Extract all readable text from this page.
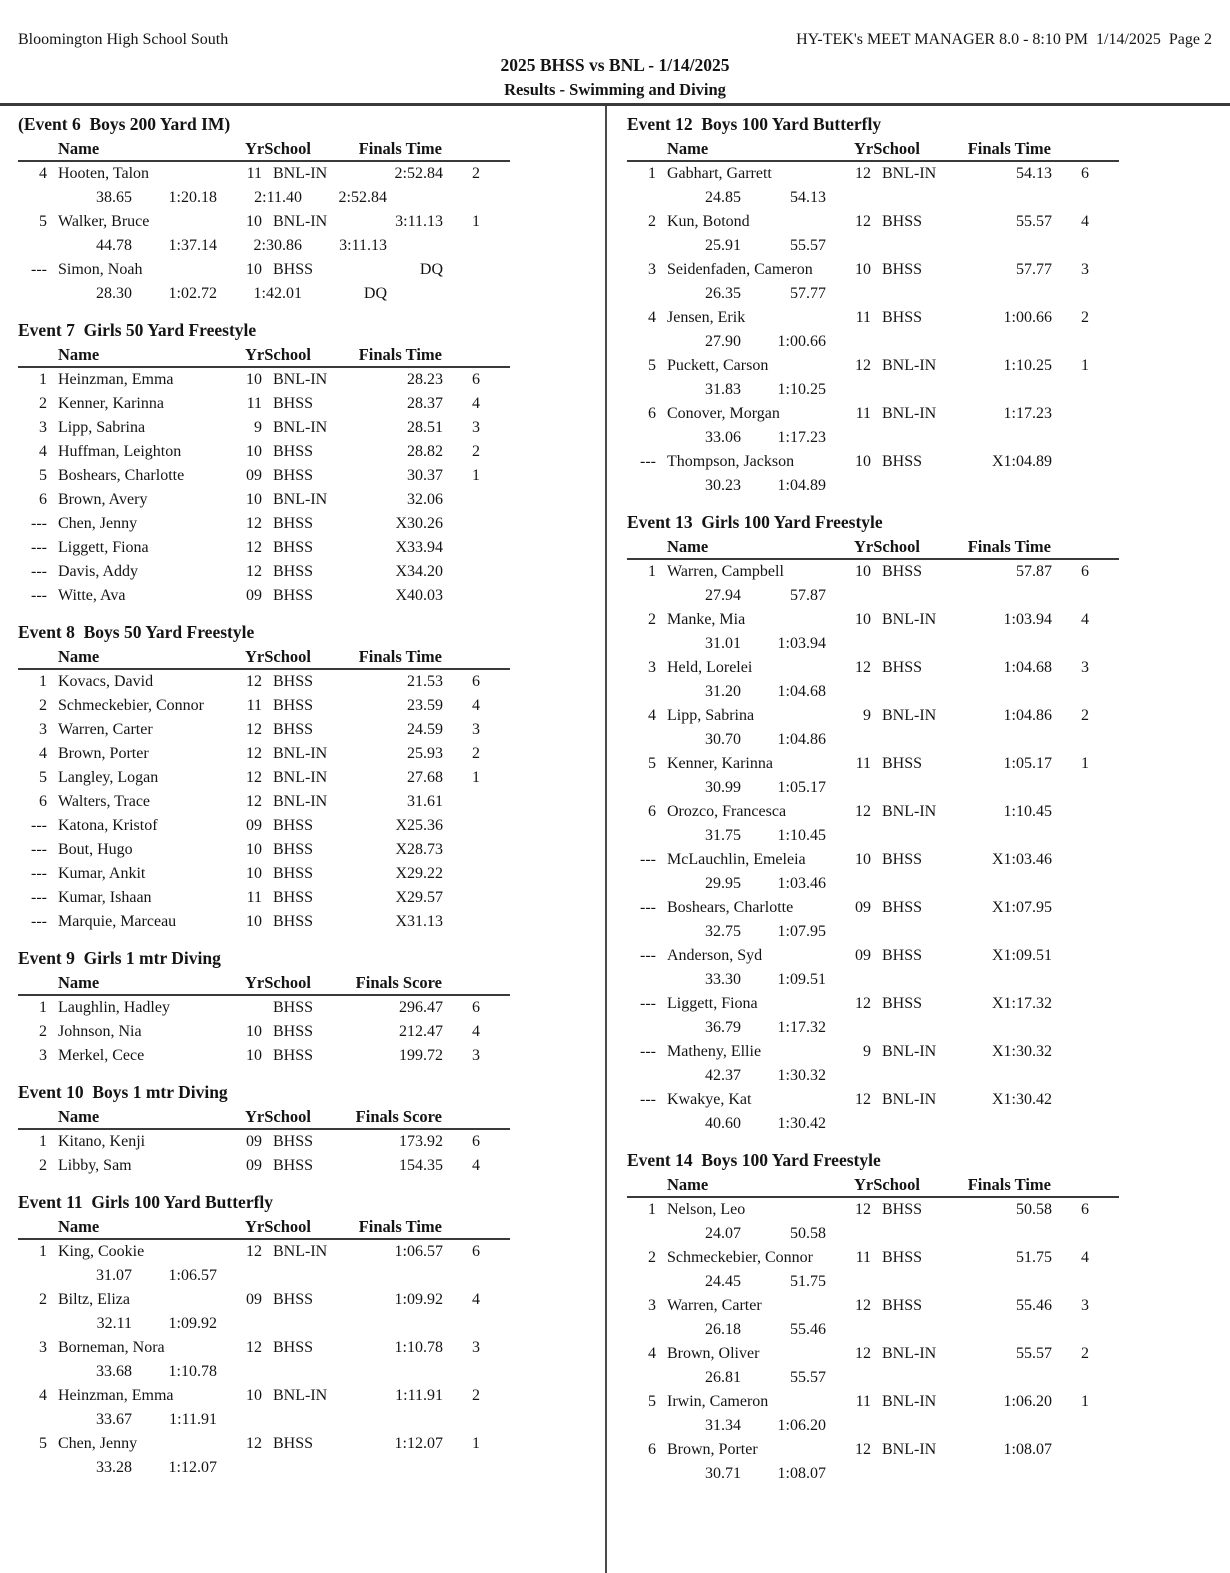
Bloomington High School South	HY-TEK's MEET MANAGER 8.0 - 8:10 PM  1/14/2025  Page 2
2025 BHSS vs BNL - 1/14/2025
Results - Swimming and Diving
(Event 6  Boys 200 Yard IM)
Name	YrSchool	Finals Time
4 Hooten, Talon	11 BNL-IN	2:52.84	2
38.65	1:20.18	2:11.40	2:52.84
5 Walker, Bruce	10 BNL-IN	3:11.13	1
44.78	1:37.14	2:30.86	3:11.13
--- Simon, Noah	10 BHSS	DQ
28.30	1:02.72	1:42.01	DQ
Event 7  Girls 50 Yard Freestyle
Name	YrSchool	Finals Time
1 Heinzman, Emma	10 BNL-IN	28.23	6
2 Kenner, Karinna	11 BHSS	28.37	4
3 Lipp, Sabrina	9 BNL-IN	28.51	3
4 Huffman, Leighton	10 BHSS	28.82	2
5 Boshears, Charlotte	09 BHSS	30.37	1
6 Brown, Avery	10 BNL-IN	32.06
--- Chen, Jenny	12 BHSS	X30.26
--- Liggett, Fiona	12 BHSS	X33.94
--- Davis, Addy	12 BHSS	X34.20
--- Witte, Ava	09 BHSS	X40.03
Event 8  Boys 50 Yard Freestyle
Name	YrSchool	Finals Time
1 Kovacs, David	12 BHSS	21.53	6
2 Schmeckebier, Connor	11 BHSS	23.59	4
3 Warren, Carter	12 BHSS	24.59	3
4 Brown, Porter	12 BNL-IN	25.93	2
5 Langley, Logan	12 BNL-IN	27.68	1
6 Walters, Trace	12 BNL-IN	31.61
--- Katona, Kristof	09 BHSS	X25.36
--- Bout, Hugo	10 BHSS	X28.73
--- Kumar, Ankit	10 BHSS	X29.22
--- Kumar, Ishaan	11 BHSS	X29.57
--- Marquie, Marceau	10 BHSS	X31.13
Event 9  Girls 1 mtr Diving
Name	YrSchool	Finals Score
1 Laughlin, Hadley	BHSS	296.47	6
2 Johnson, Nia	10 BHSS	212.47	4
3 Merkel, Cece	10 BHSS	199.72	3
Event 10  Boys 1 mtr Diving
Name	YrSchool	Finals Score
1 Kitano, Kenji	09 BHSS	173.92	6
2 Libby, Sam	09 BHSS	154.35	4
Event 11  Girls 100 Yard Butterfly
Name	YrSchool	Finals Time
1 King, Cookie	12 BNL-IN	1:06.57	6
31.07	1:06.57
2 Biltz, Eliza	09 BHSS	1:09.92	4
32.11	1:09.92
3 Borneman, Nora	12 BHSS	1:10.78	3
33.68	1:10.78
4 Heinzman, Emma	10 BNL-IN	1:11.91	2
33.67	1:11.91
5 Chen, Jenny	12 BHSS	1:12.07	1
33.28	1:12.07
Event 12  Boys 100 Yard Butterfly
Name	YrSchool	Finals Time
1 Gabhart, Garrett	12 BNL-IN	54.13	6
24.85	54.13
2 Kun, Botond	12 BHSS	55.57	4
25.91	55.57
3 Seidenfaden, Cameron	10 BHSS	57.77	3
26.35	57.77
4 Jensen, Erik	11 BHSS	1:00.66	2
27.90	1:00.66
5 Puckett, Carson	12 BNL-IN	1:10.25	1
31.83	1:10.25
6 Conover, Morgan	11 BNL-IN	1:17.23
33.06	1:17.23
--- Thompson, Jackson	10 BHSS	X1:04.89
30.23	1:04.89
Event 13  Girls 100 Yard Freestyle
Name	YrSchool	Finals Time
1 Warren, Campbell	10 BHSS	57.87	6
27.94	57.87
2 Manke, Mia	10 BNL-IN	1:03.94	4
31.01	1:03.94
3 Held, Lorelei	12 BHSS	1:04.68	3
31.20	1:04.68
4 Lipp, Sabrina	9 BNL-IN	1:04.86	2
30.70	1:04.86
5 Kenner, Karinna	11 BHSS	1:05.17	1
30.99	1:05.17
6 Orozco, Francesca	12 BNL-IN	1:10.45
31.75	1:10.45
--- McLauchlin, Emeleia	10 BHSS	X1:03.46
29.95	1:03.46
--- Boshears, Charlotte	09 BHSS	X1:07.95
32.75	1:07.95
--- Anderson, Syd	09 BHSS	X1:09.51
33.30	1:09.51
--- Liggett, Fiona	12 BHSS	X1:17.32
36.79	1:17.32
--- Matheny, Ellie	9 BNL-IN	X1:30.32
42.37	1:30.32
--- Kwakye, Kat	12 BNL-IN	X1:30.42
40.60	1:30.42
Event 14  Boys 100 Yard Freestyle
Name	YrSchool	Finals Time
1 Nelson, Leo	12 BHSS	50.58	6
24.07	50.58
2 Schmeckebier, Connor	11 BHSS	51.75	4
24.45	51.75
3 Warren, Carter	12 BHSS	55.46	3
26.18	55.46
4 Brown, Oliver	12 BNL-IN	55.57	2
26.81	55.57
5 Irwin, Cameron	11 BNL-IN	1:06.20	1
31.34	1:06.20
6 Brown, Porter	12 BNL-IN	1:08.07
30.71	1:08.07
